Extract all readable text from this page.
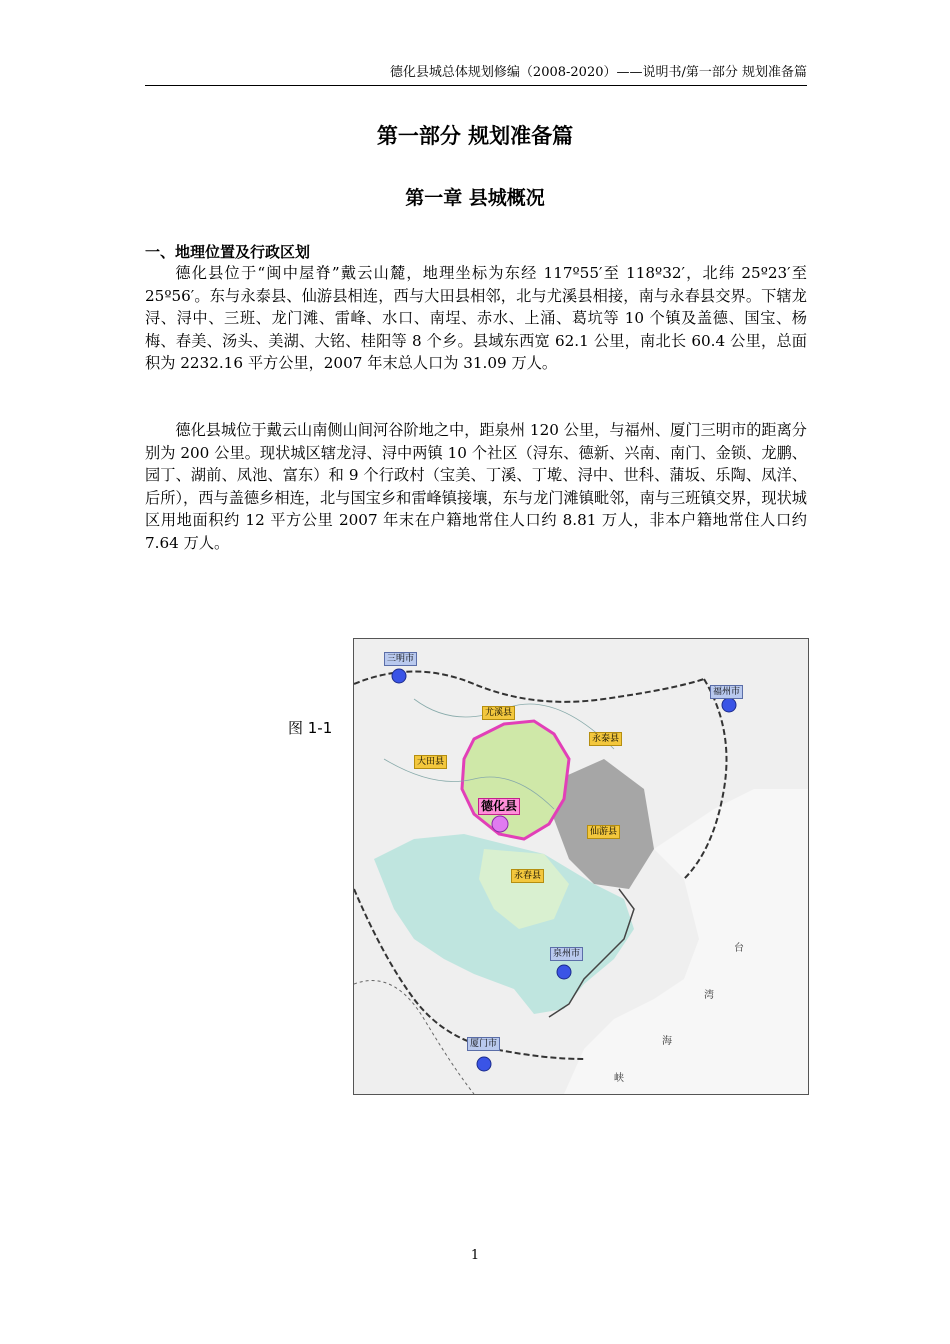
德化县城总体规划修编（2008-2020）——说明书/第一部分 规划准备篇
第一部分 规划准备篇
第一章 县城概况
一、地理位置及行政区划

德化县位于“闽中屋脊”戴云山麓，地理坐标为东经 117º55′至 118º32′，北纬 25º23′至 25º56′。东与永泰县、仙游县相连，西与大田县相邻，北与尤溪县相接，南与永春县交界。下辖龙浔、浔中、三班、龙门滩、雷峰、水口、南埕、赤水、上涌、葛坑等 10 个镇及盖德、国宝、杨梅、春美、汤头、美湖、大铭、桂阳等 8 个乡。县域东西宽 62.1 公里，南北长 60.4 公里，总面积为 2232.16 平方公里，2007 年末总人口为 31.09 万人。

德化县城位于戴云山南侧山间河谷阶地之中，距泉州 120 公里，与福州、厦门三明市的距离分别为 200 公里。现状城区辖龙浔、浔中两镇 10 个社区（浔东、德新、兴南、南门、金锁、龙鹏、园丁、湖前、凤池、富东）和 9 个行政村（宝美、丁溪、丁墘、浔中、世科、蒲坂、乐陶、凤洋、后所），西与盖德乡相连，北与国宝乡和雷峰镇接壤，东与龙门滩镇毗邻，南与三班镇交界，现状城区用地面积约 12 平方公里 2007 年末在户籍地常住人口约 8.81 万人，非本户籍地常住人口约 7.64 万人。

图 1-1
三明市
福州市
尤溪县
永泰县
大田县
德化县
仙游县
永春县
泉州市
厦门市
台
湾
海
峡
1
